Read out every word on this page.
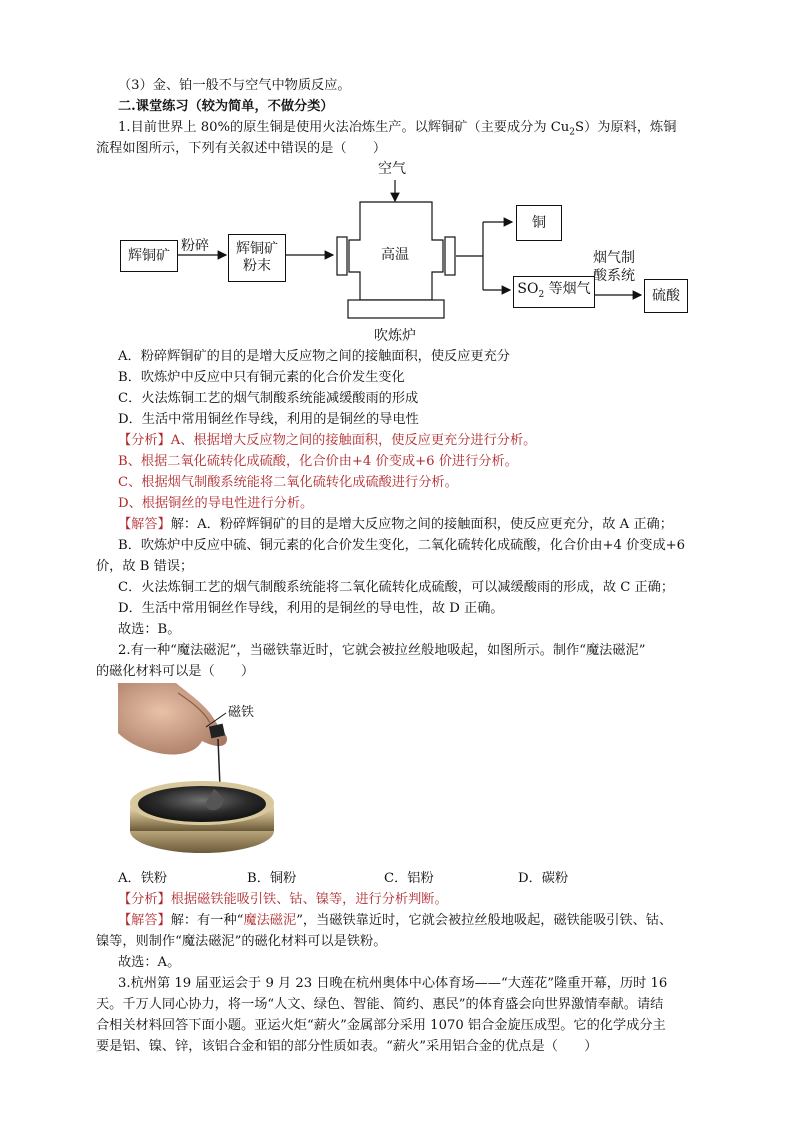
（3）金、铂一般不与空气中物质反应。
二.课堂练习（较为简单，不做分类）
1.目前世界上 80%的原生铜是使用火法冶炼生产。以辉铜矿（主要成分为 $Cu_2S$）为原料，炼铜
流程如图所示，下列有关叙述中错误的是（　　）
空气
辉铜矿
粉碎 辉铜矿
粉末
高温
铜
$SO_2$ 等烟气
烟气制
酸系统
硫酸
吹炼炉
A．粉碎辉铜矿的目的是增大反应物之间的接触面积，使反应更充分
B．吹炼炉中反应中只有铜元素的化合价发生变化
C．火法炼铜工艺的烟气制酸系统能减缓酸雨的形成
D．生活中常用铜丝作导线，利用的是铜丝的导电性
【分析】A、根据增大反应物之间的接触面积，使反应更充分进行分析。
B、根据二氧化硫转化成硫酸，化合价由+4 价变成+6 价进行分析。
C、根据烟气制酸系统能将二氧化硫转化成硫酸进行分析。
D、根据铜丝的导电性进行分析。
【解答】解：A．粉碎辉铜矿的目的是增大反应物之间的接触面积，使反应更充分，故 A 正确；
B．吹炼炉中反应中硫、铜元素的化合价发生变化，二氧化硫转化成硫酸，化合价由+4 价变成+6
价，故 B 错误；
C．火法炼铜工艺的烟气制酸系统能将二氧化硫转化成硫酸，可以减缓酸雨的形成，故 C 正确；
D．生活中常用铜丝作导线，利用的是铜丝的导电性，故 D 正确。
故选：B。
2.有一种“魔法磁泥”，当磁铁靠近时，它就会被拉丝般地吸起，如图所示。制作“魔法磁泥”
的磁化材料可以是（　　）
磁铁
A．铁粉	B．铜粉	C．铝粉	D．碳粉
【分析】根据磁铁能吸引铁、钴、镍等，进行分析判断。
【解答】解：有一种“魔法磁泥”，当磁铁靠近时，它就会被拉丝般地吸起，磁铁能吸引铁、钴、
镍等，则制作“魔法磁泥”的磁化材料可以是铁粉。
故选：A。
3.杭州第 19 届亚运会于 9 月 23 日晚在杭州奥体中心体育场——“大莲花”隆重开幕，历时 16
天。千万人同心协力，将一场“人文、绿色、智能、简约、惠民”的体育盛会向世界激情奉献。请结
合相关材料回答下面小题。亚运火炬“薪火”金属部分采用 1070 铝合金旋压成型。它的化学成分主
要是铝、镍、锌，该铝合金和铝的部分性质如表。“薪火”采用铝合金的优点是（　　）
